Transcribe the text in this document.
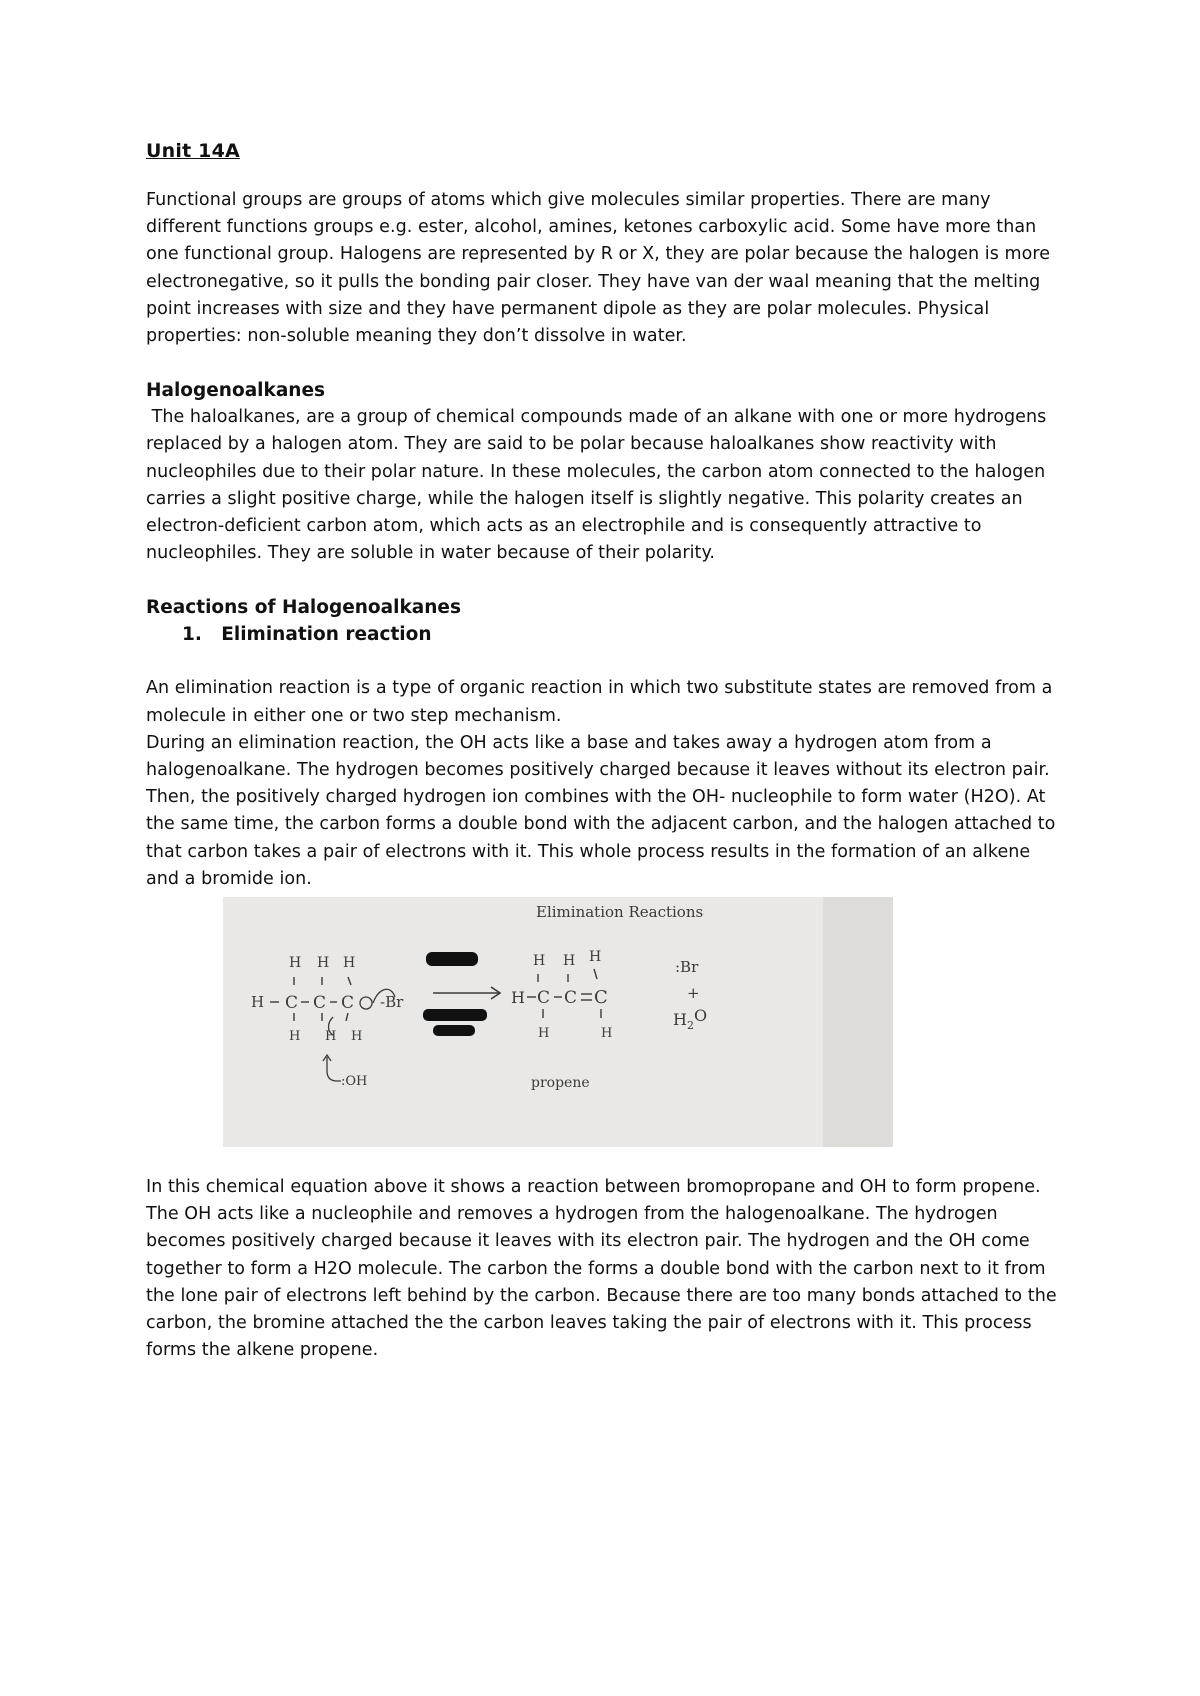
Unit 14A

Functional groups are groups of atoms which give molecules similar properties. There are many different functions groups e.g. ester, alcohol, amines, ketones carboxylic acid. Some have more than one functional group. Halogens are represented by R or X, they are polar because the halogen is more electronegative, so it pulls the bonding pair closer. They have van der waal meaning that the melting point increases with size and they have permanent dipole as they are polar molecules. Physical properties: non-soluble meaning they don’t dissolve in water.

Halogenoalkanes

The haloalkanes, are a group of chemical compounds made of an alkane with one or more hydrogens replaced by a halogen atom. They are said to be polar because haloalkanes show reactivity with nucleophiles due to their polar nature. In these molecules, the carbon atom connected to the halogen carries a slight positive charge, while the halogen itself is slightly negative. This polarity creates an electron-deficient carbon atom, which acts as an electrophile and is consequently attractive to nucleophiles. They are soluble in water because of their polarity.

Reactions of Halogenoalkanes
1. Elimination reaction

An elimination reaction is a type of organic reaction in which two substitute states are removed from a molecule in either one or two step mechanism.

During an elimination reaction, the OH acts like a base and takes away a hydrogen atom from a halogenoalkane. The hydrogen becomes positively charged because it leaves without its electron pair. Then, the positively charged hydrogen ion combines with the OH- nucleophile to form water (H2O). At the same time, the carbon forms a double bond with the adjacent carbon, and the halogen attached to that carbon takes a pair of electrons with it. This whole process results in the formation of an alkene and a bromide ion.

Elimination Reactions
H H H
H C C C -Br
H H H
:OH
H H H
H C C C
H	H
propene
:Br
+
$H_2O$

In this chemical equation above it shows a reaction between bromopropane and OH to form propene. The OH acts like a nucleophile and removes a hydrogen from the halogenoalkane. The hydrogen becomes positively charged because it leaves with its electron pair. The hydrogen and the OH come together to form a H2O molecule. The carbon the forms a double bond with the carbon next to it from the lone pair of electrons left behind by the carbon. Because there are too many bonds attached to the carbon, the bromine attached the the carbon leaves taking the pair of electrons with it. This process forms the alkene propene.
